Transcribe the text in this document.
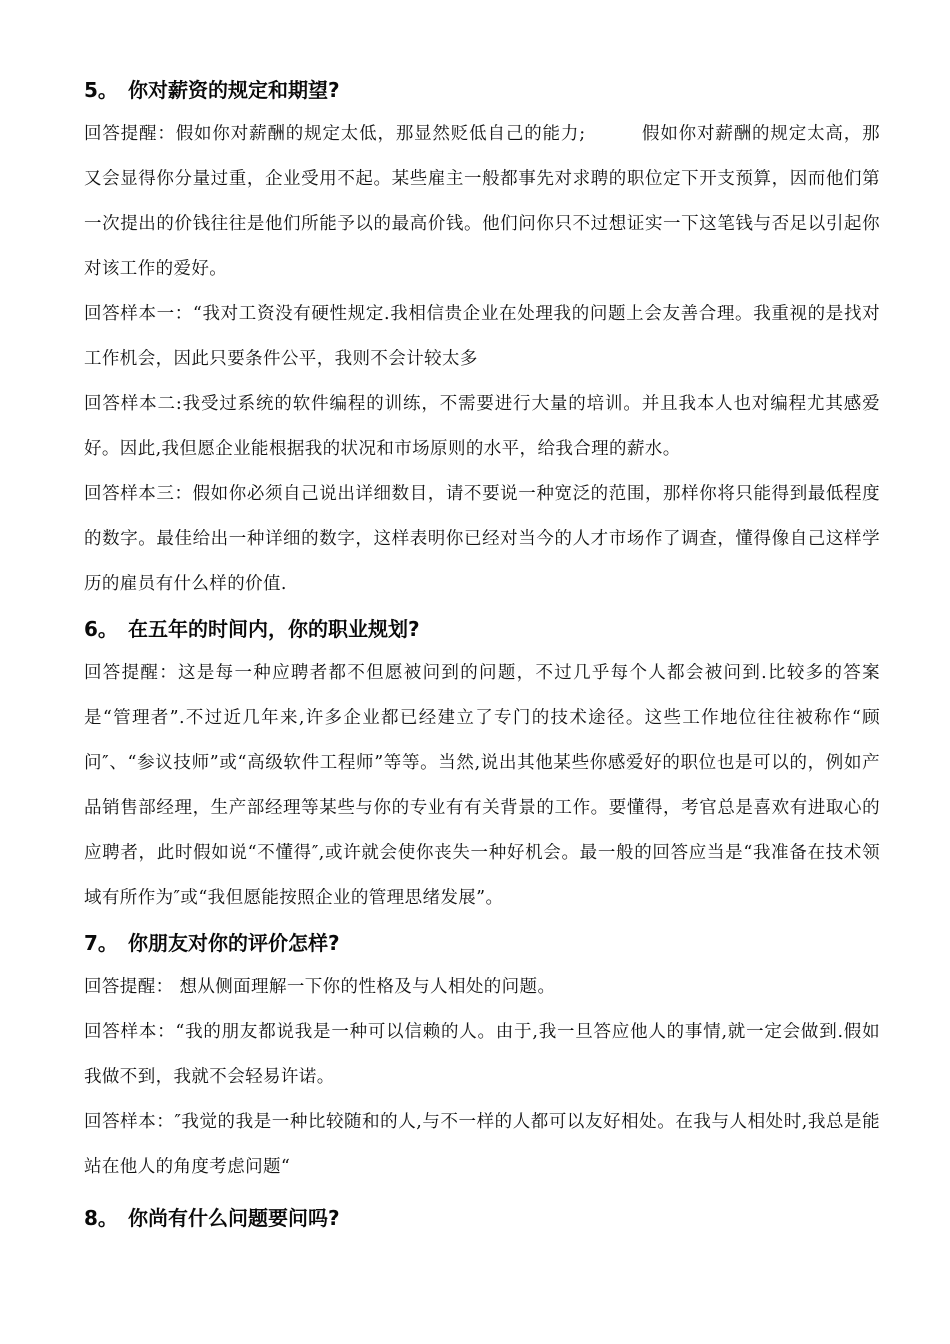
5。 你对薪资的规定和期望?

回答提醒：假如你对薪酬的规定太低，那显然贬低自己的能力;	假如你对薪酬的规定太高，那又会显得你分量过重，企业受用不起。某些雇主一般都事先对求聘的职位定下开支预算，因而他们第一次提出的价钱往往是他们所能予以的最高价钱。他们问你只不过想证实一下这笔钱与否足以引起你对该工作的爱好。

回答样本一：“我对工资没有硬性规定.我相信贵企业在处理我的问题上会友善合理。我重视的是找对工作机会，因此只要条件公平，我则不会计较太多

回答样本二:我受过系统的软件编程的训练，不需要进行大量的培训。并且我本人也对编程尤其感爱好。因此,我但愿企业能根据我的状况和市场原则的水平，给我合理的薪水。

回答样本三：假如你必须自己说出详细数目，请不要说一种宽泛的范围，那样你将只能得到最低程度的数字。最佳给出一种详细的数字，这样表明你已经对当今的人才市场作了调查，懂得像自己这样学历的雇员有什么样的价值.

6。 在五年的时间内，你的职业规划?

回答提醒：这是每一种应聘者都不但愿被问到的问题，不过几乎每个人都会被问到.比较多的答案是“管理者”.不过近几年来,许多企业都已经建立了专门的技术途径。这些工作地位往往被称作“顾问″、“参议技师”或“高级软件工程师”等等。当然,说出其他某些你感爱好的职位也是可以的，例如产品销售部经理，生产部经理等某些与你的专业有有关背景的工作。要懂得，考官总是喜欢有进取心的应聘者，此时假如说“不懂得″,或许就会使你丧失一种好机会。最一般的回答应当是“我准备在技术领域有所作为″或“我但愿能按照企业的管理思绪发展”。

7。 你朋友对你的评价怎样?

回答提醒： 想从侧面理解一下你的性格及与人相处的问题。

回答样本：“我的朋友都说我是一种可以信赖的人。由于,我一旦答应他人的事情,就一定会做到.假如我做不到，我就不会轻易许诺。

回答样本：″我觉的我是一种比较随和的人,与不一样的人都可以友好相处。在我与人相处时,我总是能站在他人的角度考虑问题“

8。 你尚有什么问题要问吗?
